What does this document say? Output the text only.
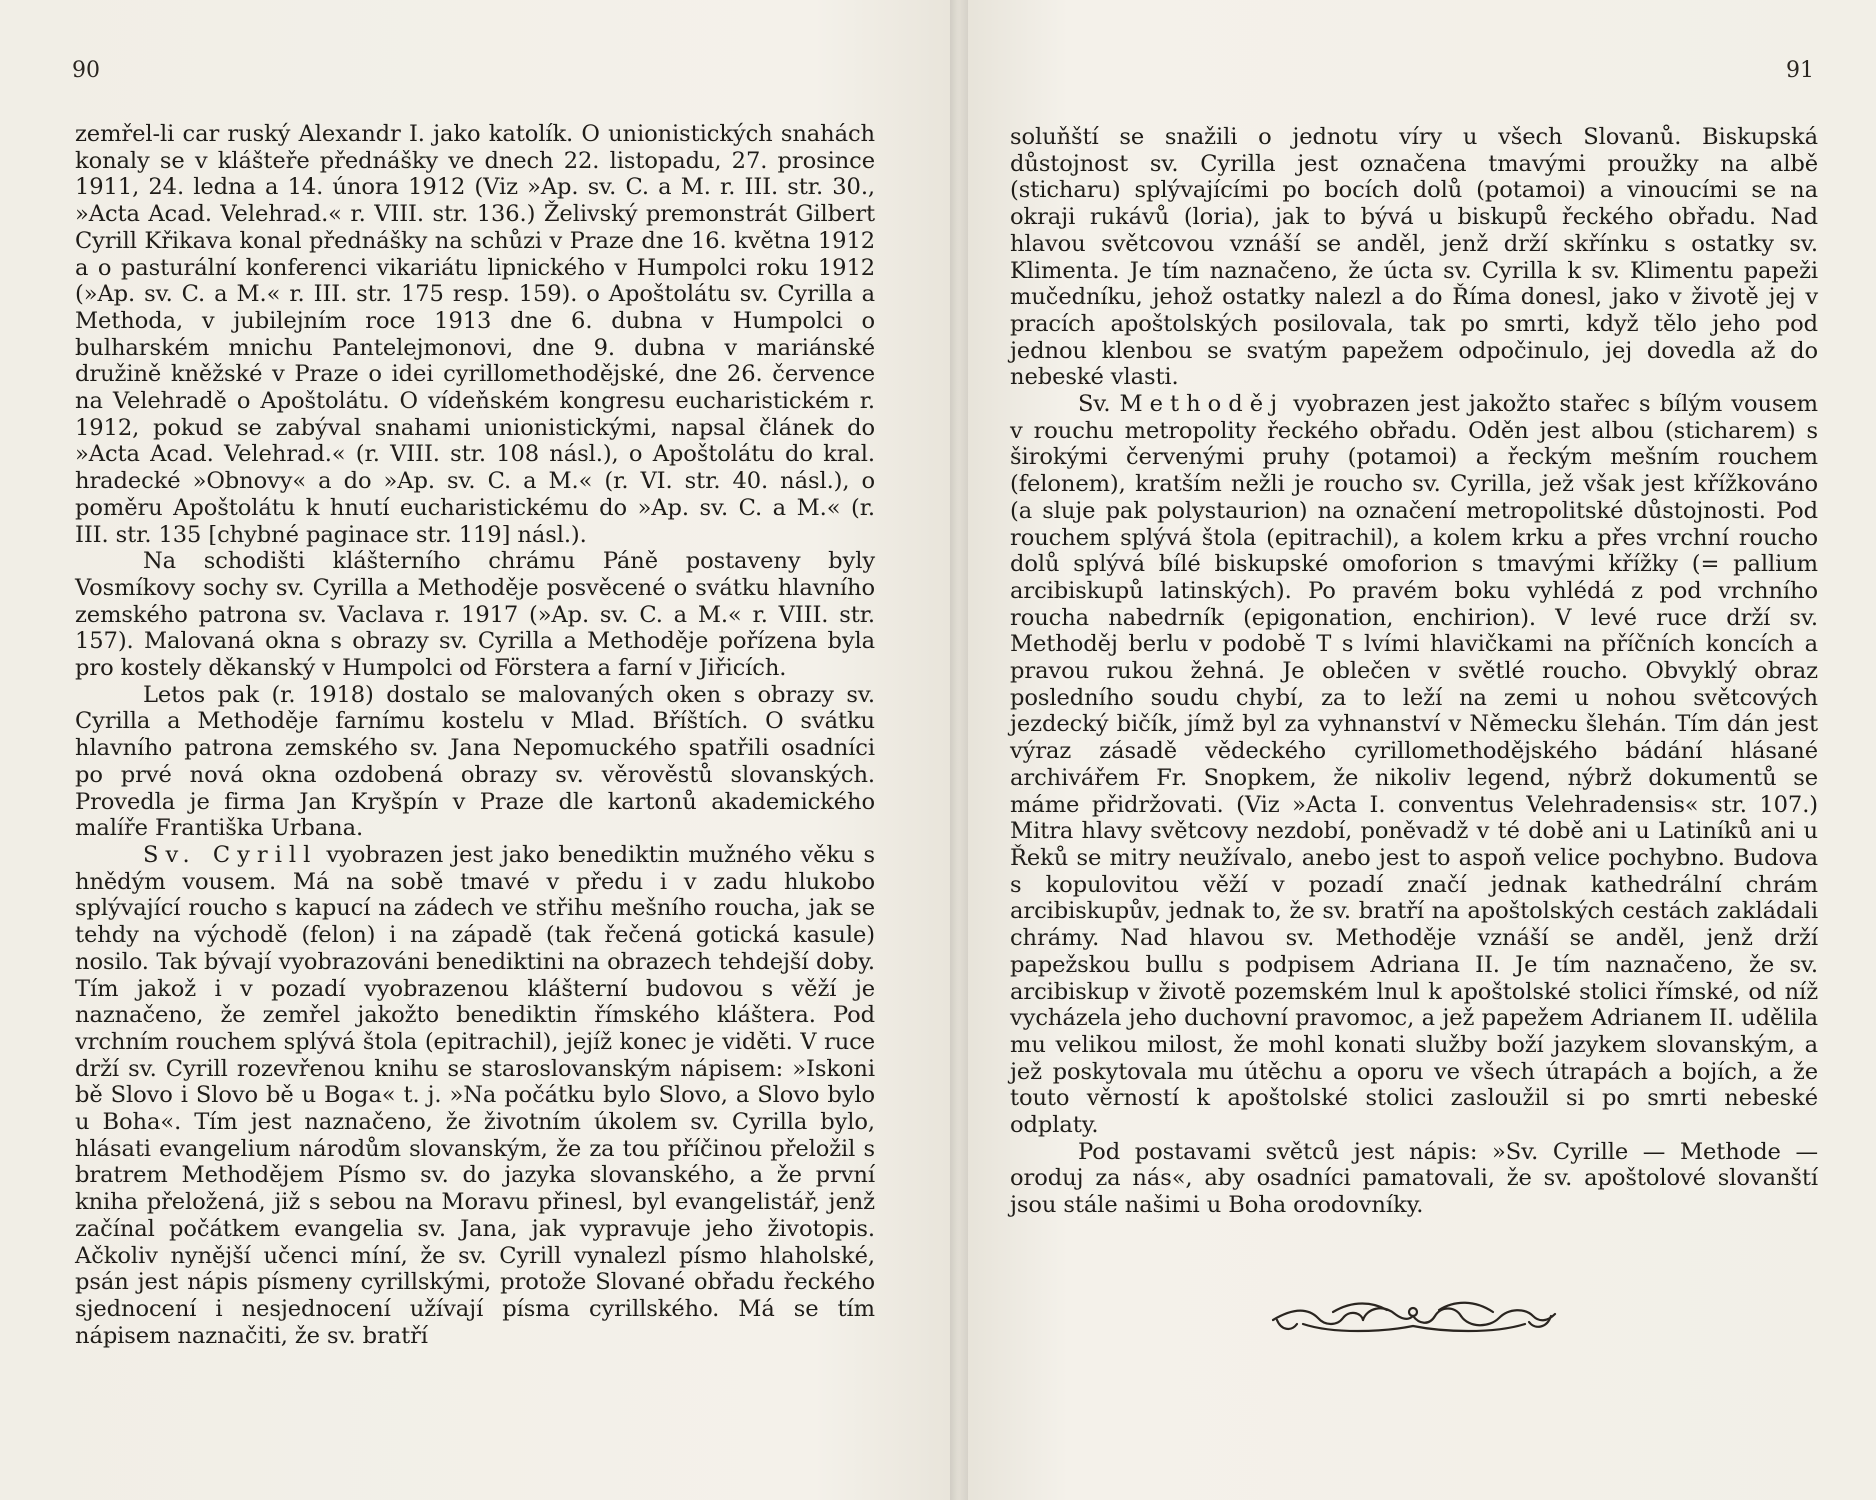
90

zemřel-li car ruský Alexandr I. jako katolík. O unionistických snahách konaly se v klášteře přednášky ve dnech 22. listopadu, 27. prosince 1911, 24. ledna a 14. února 1912 (Viz »Ap. sv. C. a M. r. III. str. 30., »Acta Acad. Velehrad.« r. VIII. str. 136.) Želivský premonstrát Gilbert Cyrill Křikava konal přednášky na schůzi v Praze dne 16. května 1912 a o pasturální konferenci vikariátu lipnického v Humpolci roku 1912 (»Ap. sv. C. a M.« r. III. str. 175 resp. 159). o Apoštolátu sv. Cyrilla a Methoda, v jubilejním roce 1913 dne 6. dubna v Humpolci o bulharském mnichu Pantelejmonovi, dne 9. dubna v mariánské družině kněžské v Praze o idei cyrillomethodějské, dne 26. července na Velehradě o Apoštolátu. O vídeňském kongresu eucharistickém r. 1912, pokud se zabýval snahami unionistickými, napsal článek do »Acta Acad. Velehrad.« (r. VIII. str. 108 násl.), o Apoštolátu do kral. hradecké »Obnovy« a do »Ap. sv. C. a M.« (r. VI. str. 40. násl.), o poměru Apoštolátu k hnutí eucharistickému do »Ap. sv. C. a M.« (r. III. str. 135 [chybné paginace str. 119] násl.).

Na schodišti klášterního chrámu Páně postaveny byly Vosmíkovy sochy sv. Cyrilla a Methoděje posvěcené o svátku hlavního zemského patrona sv. Vaclava r. 1917 (»Ap. sv. C. a M.« r. VIII. str. 157). Malovaná okna s obrazy sv. Cyrilla a Methoděje pořízena byla pro kostely děkanský v Humpolci od Förstera a farní v Jiřicích.

Letos pak (r. 1918) dostalo se malovaných oken s obrazy sv. Cyrilla a Methoděje farnímu kostelu v Mlad. Bříštích. O svátku hlavního patrona zemského sv. Jana Nepomuckého spatřili osadníci po prvé nová okna ozdobená obrazy sv. věrověstů slovanských. Provedla je firma Jan Kryšpín v Praze dle kartonů akademického malíře Františka Urbana.

Sv. Cyrill vyobrazen jest jako benediktin mužného věku s hnědým vousem. Má na sobě tmavé v předu i v zadu hlukobo splývající roucho s kapucí na zádech ve střihu mešního roucha, jak se tehdy na východě (felon) i na západě (tak řečená gotická kasule) nosilo. Tak bývají vyobrazováni benediktini na obrazech tehdejší doby. Tím jakož i v pozadí vyobrazenou klášterní budovou s věží je naznačeno, že zemřel jakožto benediktin římského kláštera. Pod vrchním rouchem splývá štola (epitrachil), jejíž konec je viděti. V ruce drží sv. Cyrill rozevřenou knihu se staroslovanským nápisem: »Iskoni bě Slovo i Slovo bě u Boga« t. j. »Na počátku bylo Slovo, a Slovo bylo u Boha«. Tím jest naznačeno, že životním úkolem sv. Cyrilla bylo, hlásati evangelium národům slovanským, že za tou příčinou přeložil s bratrem Methodějem Písmo sv. do jazyka slovanského, a že první kniha přeložená, již s sebou na Moravu přinesl, byl evangelistář, jenž začínal počátkem evangelia sv. Jana, jak vypravuje jeho životopis. Ačkoliv nynější učenci míní, že sv. Cyrill vynalezl písmo hlaholské, psán jest nápis písmeny cyrillskými, protože Slované obřadu řeckého sjednocení i nesjednocení užívají písma cyrillského. Má se tím nápisem naznačiti, že sv. bratří

91

soluňští se snažili o jednotu víry u všech Slovanů. Biskupská důstojnost sv. Cyrilla jest označena tmavými proužky na albě (sticharu) splývajícími po bocích dolů (potamoi) a vinoucími se na okraji rukávů (loria), jak to bývá u biskupů řeckého obřadu. Nad hlavou světcovou vznáší se anděl, jenž drží skřínku s ostatky sv. Klimenta. Je tím naznačeno, že úcta sv. Cyrilla k sv. Klimentu papeži mučedníku, jehož ostatky nalezl a do Říma donesl, jako v životě jej v pracích apoštolských posilovala, tak po smrti, když tělo jeho pod jednou klenbou se svatým papežem odpočinulo, jej dovedla až do nebeské vlasti.

Sv. Methoděj vyobrazen jest jakožto stařec s bílým vousem v rouchu metropolity řeckého obřadu. Oděn jest albou (sticharem) s širokými červenými pruhy (potamoi) a řeckým mešním rouchem (felonem), kratším nežli je roucho sv. Cyrilla, jež však jest křížkováno (a sluje pak polystaurion) na označení metropolitské důstojnosti. Pod rouchem splývá štola (epitrachil), a kolem krku a přes vrchní roucho dolů splývá bílé biskupské omoforion s tmavými křížky (= pallium arcibiskupů latinských). Po pravém boku vyhlédá z pod vrchního roucha nabedrník (epigonation, enchirion). V levé ruce drží sv. Methoděj berlu v podobě T s lvími hlavičkami na příčních koncích a pravou rukou žehná. Je oblečen v světlé roucho. Obvyklý obraz posledního soudu chybí, za to leží na zemi u nohou světcových jezdecký bičík, jímž byl za vyhnanství v Německu šlehán. Tím dán jest výraz zásadě vědeckého cyrillomethodějského bádání hlásané archivářem Fr. Snopkem, že nikoliv legend, nýbrž dokumentů se máme přidržovati. (Viz »Acta I. conventus Velehradensis« str. 107.) Mitra hlavy světcovy nezdobí, poněvadž v té době ani u Latiníků ani u Řeků se mitry neužívalo, anebo jest to aspoň velice pochybno. Budova s kopulovitou věží v pozadí značí jednak kathedrální chrám arcibiskupův, jednak to, že sv. bratří na apoštolských cestách zakládali chrámy. Nad hlavou sv. Methoděje vznáší se anděl, jenž drží papežskou bullu s podpisem Adriana II. Je tím naznačeno, že sv. arcibiskup v životě pozemském lnul k apoštolské stolici římské, od níž vycházela jeho duchovní pravomoc, a jež papežem Adrianem II. udělila mu velikou milost, že mohl konati služby boží jazykem slovanským, a jež poskytovala mu útěchu a oporu ve všech útrapách a bojích, a že touto věrností k apoštolské stolici zasloužil si po smrti nebeské odplaty.

Pod postavami světců jest nápis: »Sv. Cyrille — Methode — oroduj za nás«, aby osadníci pamatovali, že sv. apoštolové slovanští jsou stále našimi u Boha orodovníky.
